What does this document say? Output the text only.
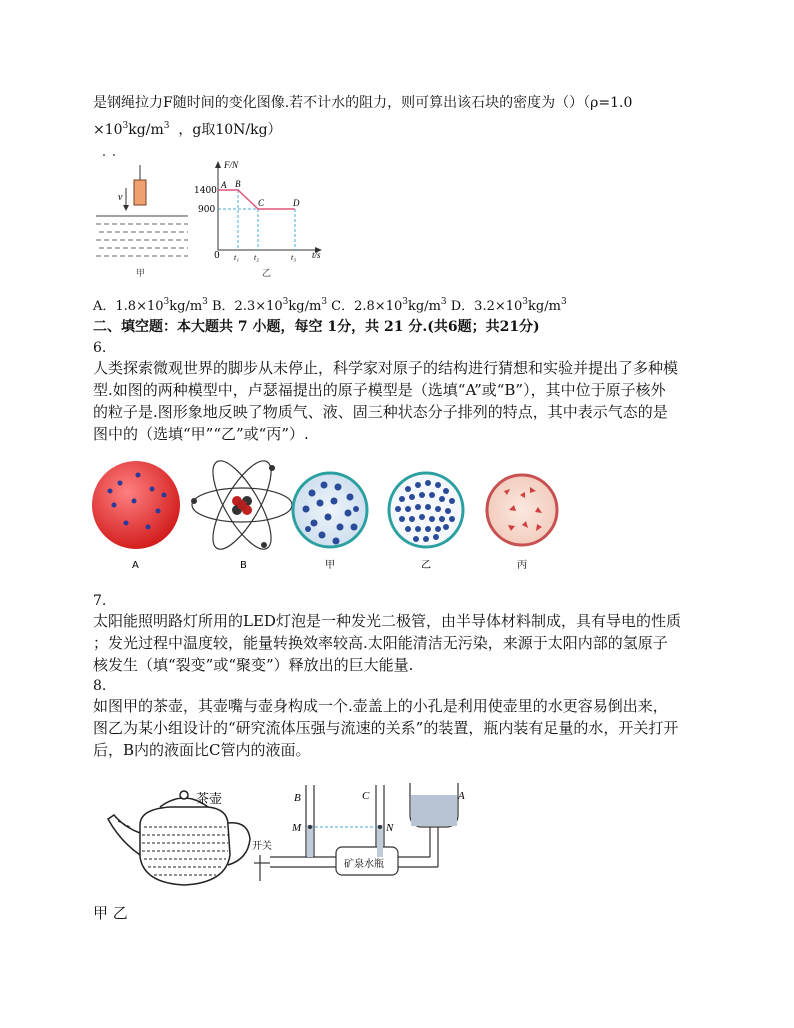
是钢绳拉力F随时间的变化图像.若不计水的阻力，则可算出该石块的密度为（）（ρ=1.0
$\times 10^3kg/m^3$ ，g取10N/kg）
v
甲
F/N
t/s
1400
900
0
A B
C	D
t₁ t₂	t₃
乙
A．$1.8\times 10^3kg/m^3$ B．$2.3\times 10^3kg/m^3$ C．$2.8\times 10^3kg/m^3$ D．$3.2\times 10^3kg/m^3$
二、填空题：本大题共 7 小题，每空 1分，共 21 分.(共6题；共21分)
6.
人类探索微观世界的脚步从未停止，科学家对原子的结构进行猜想和实验并提出了多种模
型.如图的两种模型中，卢瑟福提出的原子模型是（选填“A”或“B”），其中位于原子核外
的粒子是.图形象地反映了物质气、液、固三种状态分子排列的特点，其中表示气态的是
图中的（选填“甲”“乙”或“丙”）.
A	B	甲	乙	丙
7.
太阳能照明路灯所用的LED灯泡是一种发光二极管，由半导体材料制成，具有导电的性质
；发光过程中温度较，能量转换效率较高.太阳能清洁无污染，来源于太阳内部的氢原子
核发生（填“裂变”或“聚变”）释放出的巨大能量.
8.
如图甲的茶壶，其壶嘴与壶身构成一个.壶盖上的小孔是利用使壶里的水更容易倒出来，
图乙为某小组设计的“研究流体压强与流速的关系”的装置，瓶内装有足量的水，开关打开
后，B内的液面比C管内的液面。
茶壶
矿泉水瓶
开关
B	C	A
M	N
甲 乙
